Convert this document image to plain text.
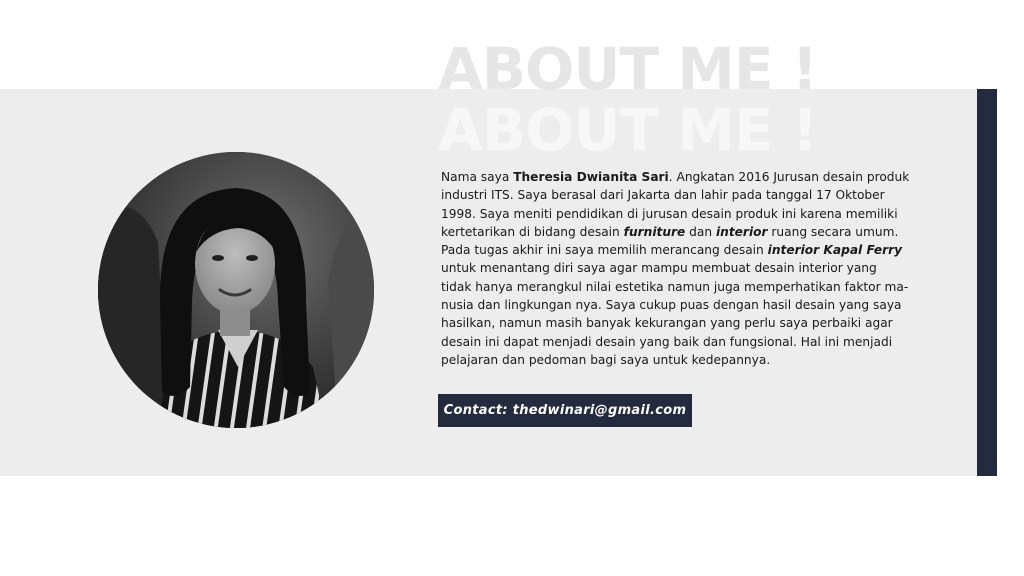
ABOUT ME !
ABOUT ME !

Nama saya Theresia Dwianita Sari. Angkatan 2016 Jurusan desain produk industri ITS. Saya berasal dari Jakarta dan lahir pada tanggal 17 Oktober 1998. Saya meniti pendidikan di jurusan desain produk ini karena memiliki kertetarikan di bidang desain furniture dan interior ruang secara umum. Pada tugas akhir ini saya memilih merancang desain interior Kapal Ferry untuk menantang diri saya agar mampu membuat desain interior yang tidak hanya merangkul nilai estetika namun juga memperhatikan faktor ma-nusia dan lingkungan nya. Saya cukup puas dengan hasil desain yang saya hasilkan, namun masih banyak kekurangan yang perlu saya perbaiki agar desain ini dapat menjadi desain yang baik dan fungsional. Hal ini menjadi pelajaran dan pedoman bagi saya untuk kedepannya.

Contact: thedwinari@gmail.com
